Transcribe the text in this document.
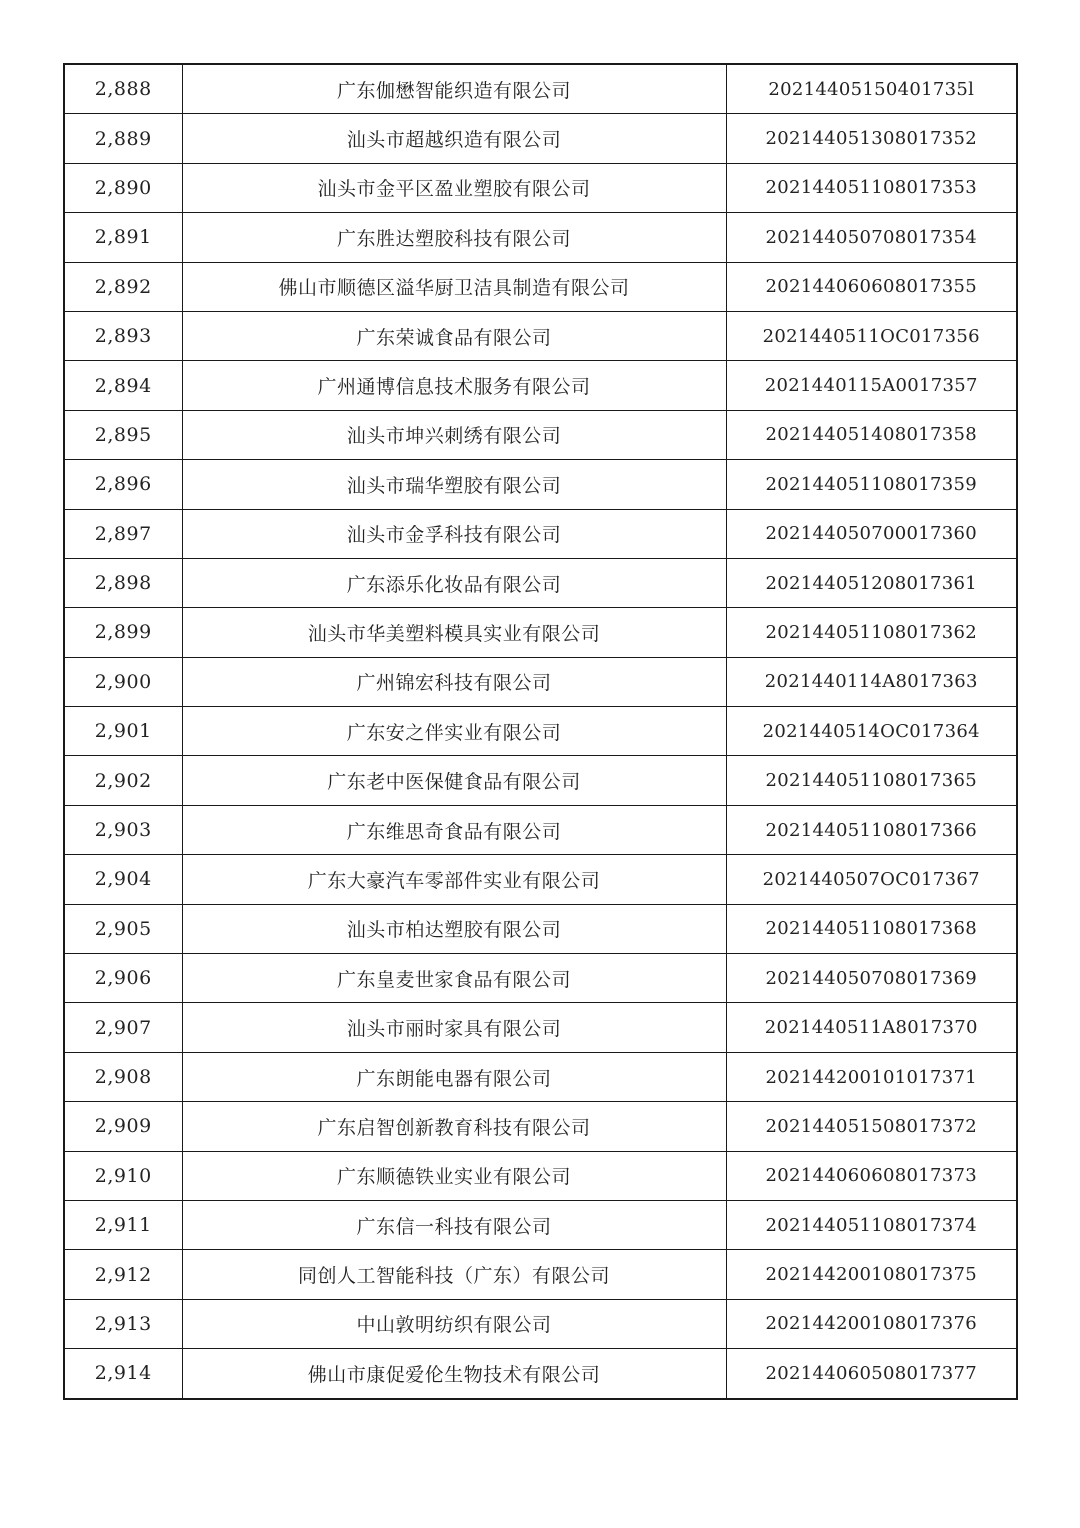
2,888	广东伽懋智能织造有限公司	20214405150401735l
2,889	汕头市超越织造有限公司	202144051308017352
2,890	汕头市金平区盈业塑胶有限公司	202144051108017353
2,891	广东胜达塑胶科技有限公司	202144050708017354
2,892	佛山市顺德区溢华厨卫洁具制造有限公司	202144060608017355
2,893	广东荣诚食品有限公司	2021440511OC017356
2,894	广州通博信息技术服务有限公司	2021440115A0017357
2,895	汕头市坤兴刺绣有限公司	202144051408017358
2,896	汕头市瑞华塑胶有限公司	202144051108017359
2,897	汕头市金孚科技有限公司	202144050700017360
2,898	广东添乐化妆品有限公司	202144051208017361
2,899	汕头市华美塑料模具实业有限公司	202144051108017362
2,900	广州锦宏科技有限公司	2021440114A8017363
2,901	广东安之伴实业有限公司	2021440514OC017364
2,902	广东老中医保健食品有限公司	202144051108017365
2,903	广东维思奇食品有限公司	202144051108017366
2,904	广东大豪汽车零部件实业有限公司	2021440507OC017367
2,905	汕头市柏达塑胶有限公司	202144051108017368
2,906	广东皇麦世家食品有限公司	202144050708017369
2,907	汕头市丽时家具有限公司	2021440511A8017370
2,908	广东朗能电器有限公司	202144200101017371
2,909	广东启智创新教育科技有限公司	202144051508017372
2,910	广东顺德铁业实业有限公司	202144060608017373
2,911	广东信一科技有限公司	202144051108017374
2,912	同创人工智能科技（广东）有限公司	202144200108017375
2,913	中山敦明纺织有限公司	202144200108017376
2,914	佛山市康促爱伦生物技术有限公司	202144060508017377
